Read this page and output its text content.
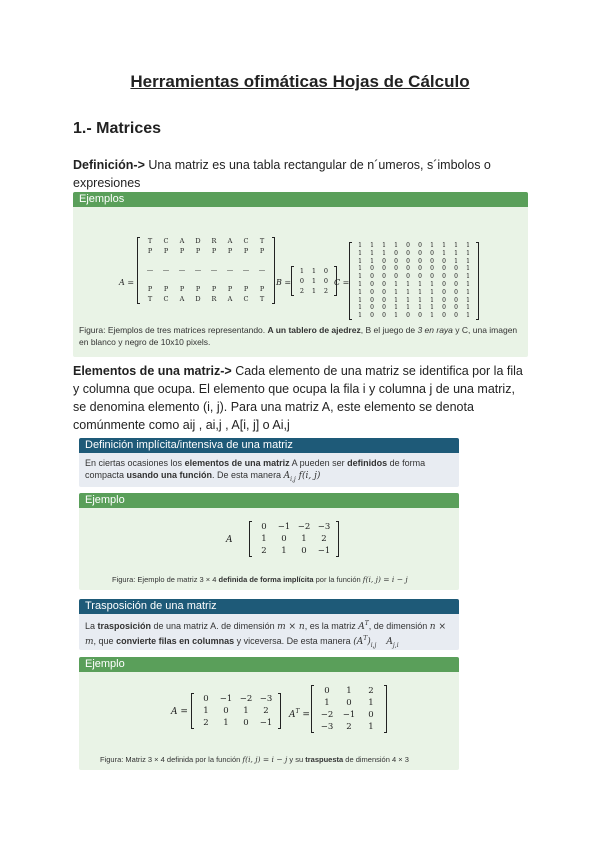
Herramientas ofimáticas Hojas de Cálculo
1.- Matrices
Definición-> Una matriz es una tabla rectangular de n´umeros, s´imbolos o expresiones
Ejemplos
A =
T	C	A	D	R	A	C	T
P	P	P	P	P	P	P	P

—	—	—	—	—	—	—	—

P	P	P	P	P	P	P	P
T	C	A	D	R	A	C	T
B =
1	1	0
0	1	0
2	1	2
C =
1	1	1	1	0	0	1	1	1	1
1	1	1	0	0	0	0	1	1	1
1	1	0	0	0	0	0	0	1	1
1	0	0	0	0	0	0	0	0	1
1	0	0	0	0	0	0	0	0	1
1	0	0	1	1	1	1	0	0	1
1	0	0	1	1	1	1	0	0	1
1	0	0	1	1	1	1	0	0	1
1	0	0	1	1	1	1	0	0	1
1	0	0	1	0	0	1	0	0	1
Figura: Ejemplos de tres matrices representando. A un tablero de ajedrez, B el juego de 3 en raya y C, una imagen en blanco y negro de 10x10 pixels.
Elementos de una matriz-> Cada elemento de una matriz se identifica por la fila y columna que ocupa. El elemento que ocupa la fila i y columna j de una matriz, se denomina elemento (i, j). Para una matriz A, este elemento se denota comúnmente como aij , ai,j , A[i, j] o Ai,j
Definición implícita/intensiva de una matriz
En ciertas ocasiones los elementos de una matriz A pueden ser definidos de forma compacta usando una función. De esta manera $A_{i,j}$ f(i, j)
Ejemplo
A
0	−1 −2 −3
1	0	1	2
2	1	0	−1
Figura: Ejemplo de matriz 3 × 4 definida de forma implícita por la función f(i, j) = i − j
Trasposición de una matriz
La trasposición de una matriz A. de dimensión m × n, es la matriz $A^T$, de dimensión n × m, que convierte filas en columnas y viceversa. De esta manera $(A^T)_{i,j}$ $A_{j,i}$
Ejemplo
A =
0	−1 −2 −3
1	0	1	2
2	1	0	−1
$A^T$ =
0	1	2
1	0	1
−2	−1	0
−3	2	1
Figura: Matriz 3 × 4 definida por la función f(i, j) = i − j y su traspuesta de dimensión 4 × 3
